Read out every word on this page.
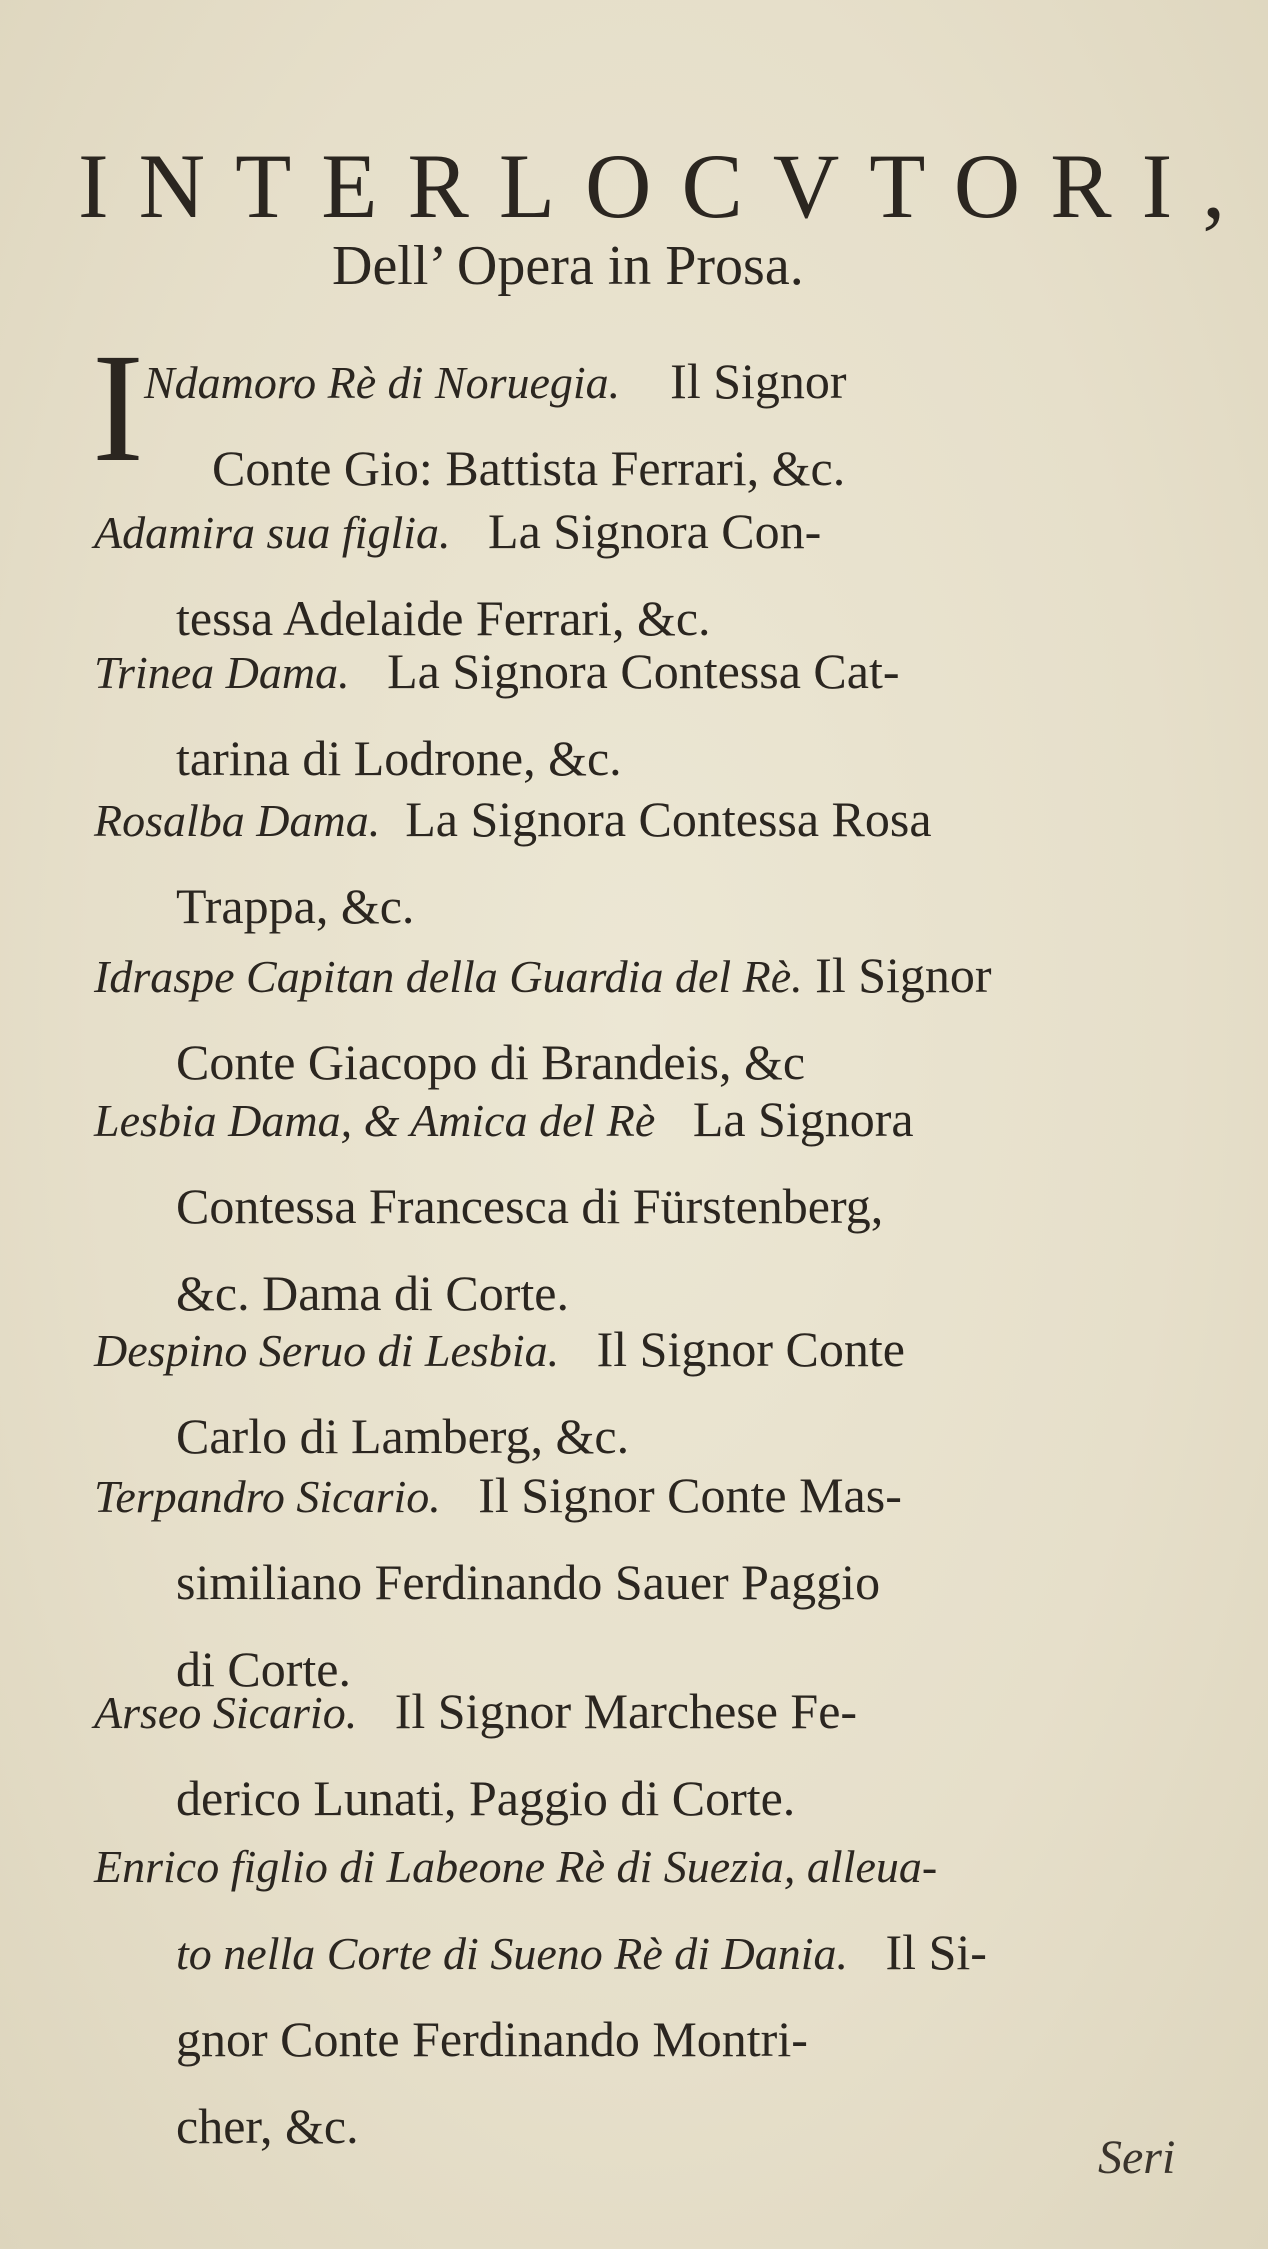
INTERLOCVTORI,
Dell’ Opera in Prosa.
I Ndamoro Rè di Noruegia. Il Signor
Conte Gio: Battista Ferrari, &c.
Adamira sua figlia. La Signora Con-
tessa Adelaide Ferrari, &c.
Trinea Dama. La Signora Contessa Cat-
tarina di Lodrone, &c.
Rosalba Dama. La Signora Contessa Rosa
Trappa, &c.
Idraspe Capitan della Guardia del Rè. Il Signor
Conte Giacopo di Brandeis, &c
Lesbia Dama, & Amica del Rè La Signora
Contessa Francesca di Fürstenberg,
&c. Dama di Corte.
Despino Seruo di Lesbia. Il Signor Conte
Carlo di Lamberg, &c.
Terpandro Sicario. Il Signor Conte Mas-
similiano Ferdinando Sauer Paggio
di Corte.
Arseo Sicario. Il Signor Marchese Fe-
derico Lunati, Paggio di Corte.
Enrico figlio di Labeone Rè di Suezia, alleua-
to nella Corte di Sueno Rè di Dania. Il Si-
gnor Conte Ferdinando Montri-
cher, &c.
Seri
